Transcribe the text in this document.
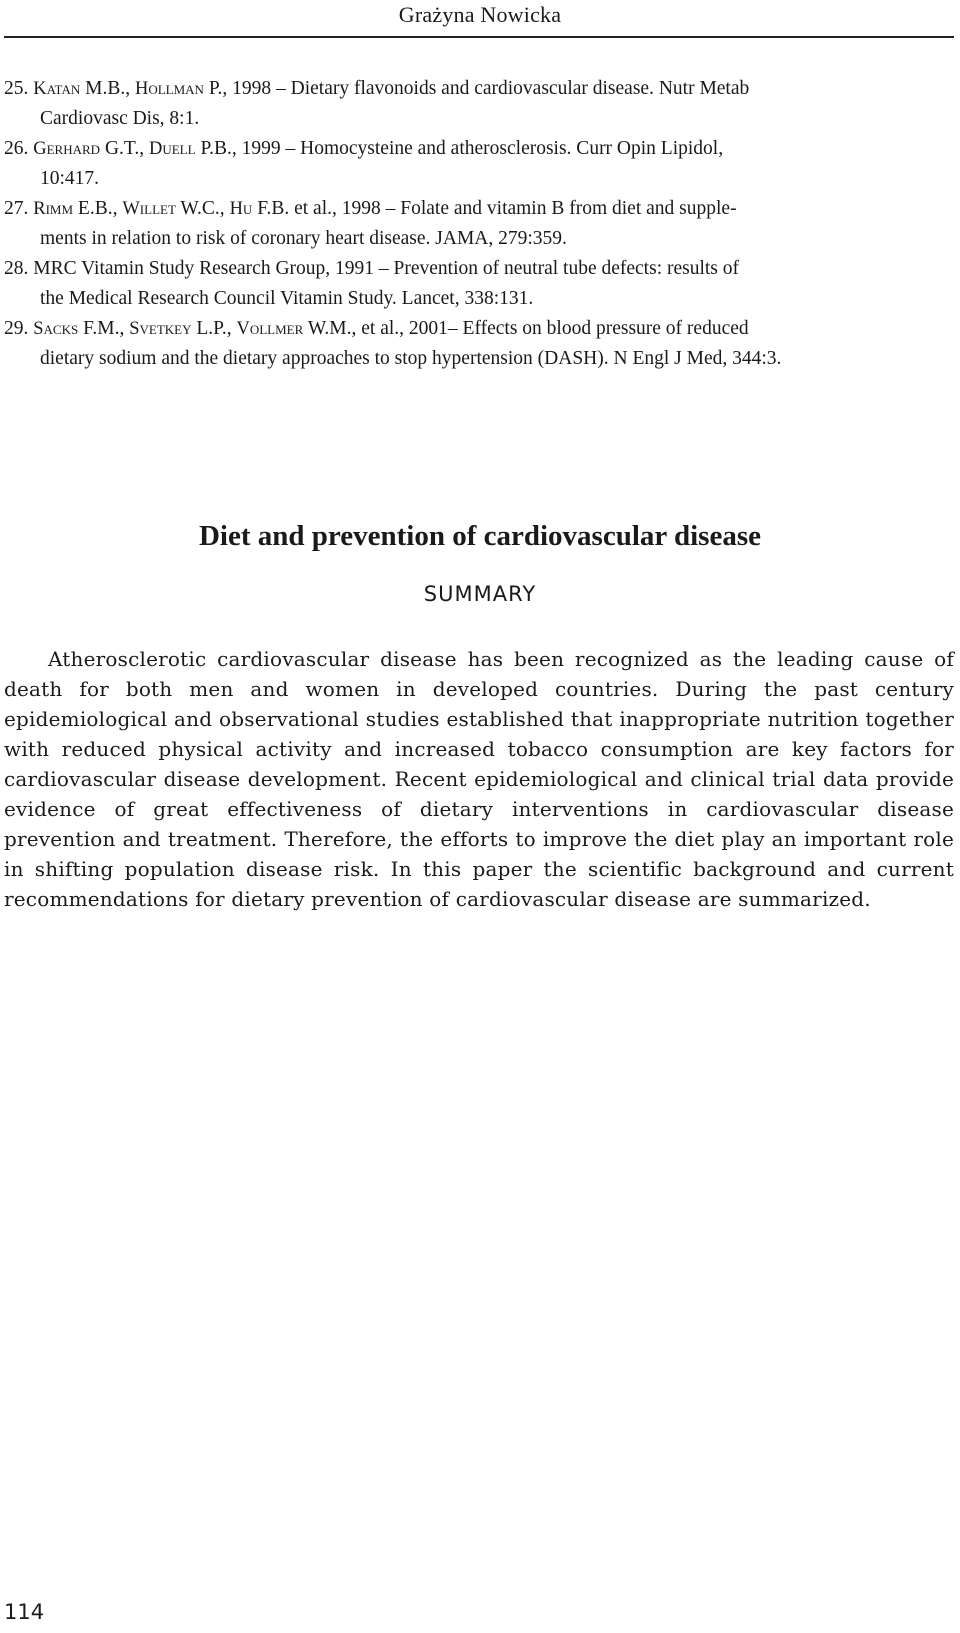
Grażyna Nowicka

25. Katan M.B., Hollman P., 1998 – Dietary flavonoids and cardiovascular disease. Nutr Metab
Cardiovasc Dis, 8:1.

26. Gerhard G.T., Duell P.B., 1999 – Homocysteine and atherosclerosis. Curr Opin Lipidol,
10:417.

27. Rimm E.B., Willet W.C., Hu F.B. et al., 1998 – Folate and vitamin B from diet and supple-
ments in relation to risk of coronary heart disease. JAMA, 279:359.

28. MRC Vitamin Study Research Group, 1991 – Prevention of neutral tube defects: results of
the Medical Research Council Vitamin Study. Lancet, 338:131.

29. Sacks F.M., Svetkey L.P., Vollmer W.M., et al., 2001– Effects on blood pressure of reduced
dietary sodium and the dietary approaches to stop hypertension (DASH). N Engl J Med, 344:3.

Diet and prevention of cardiovascular disease
SUMMARY

Atherosclerotic cardiovascular disease has been recognized as the leading cause of death for both men and women in developed countries. During the past century epidemiological and observational studies established that inappropriate nutrition together with reduced physical activity and increased tobacco consumption are key factors for cardiovascular disease development. Recent epidemiological and clinical trial data provide evidence of great effectiveness of dietary interventions in cardiovascular disease prevention and treatment. Therefore, the efforts to improve the diet play an important role in shifting population disease risk. In this paper the scientific background and current recommendations for dietary prevention of cardiovascular disease are summarized.

114
